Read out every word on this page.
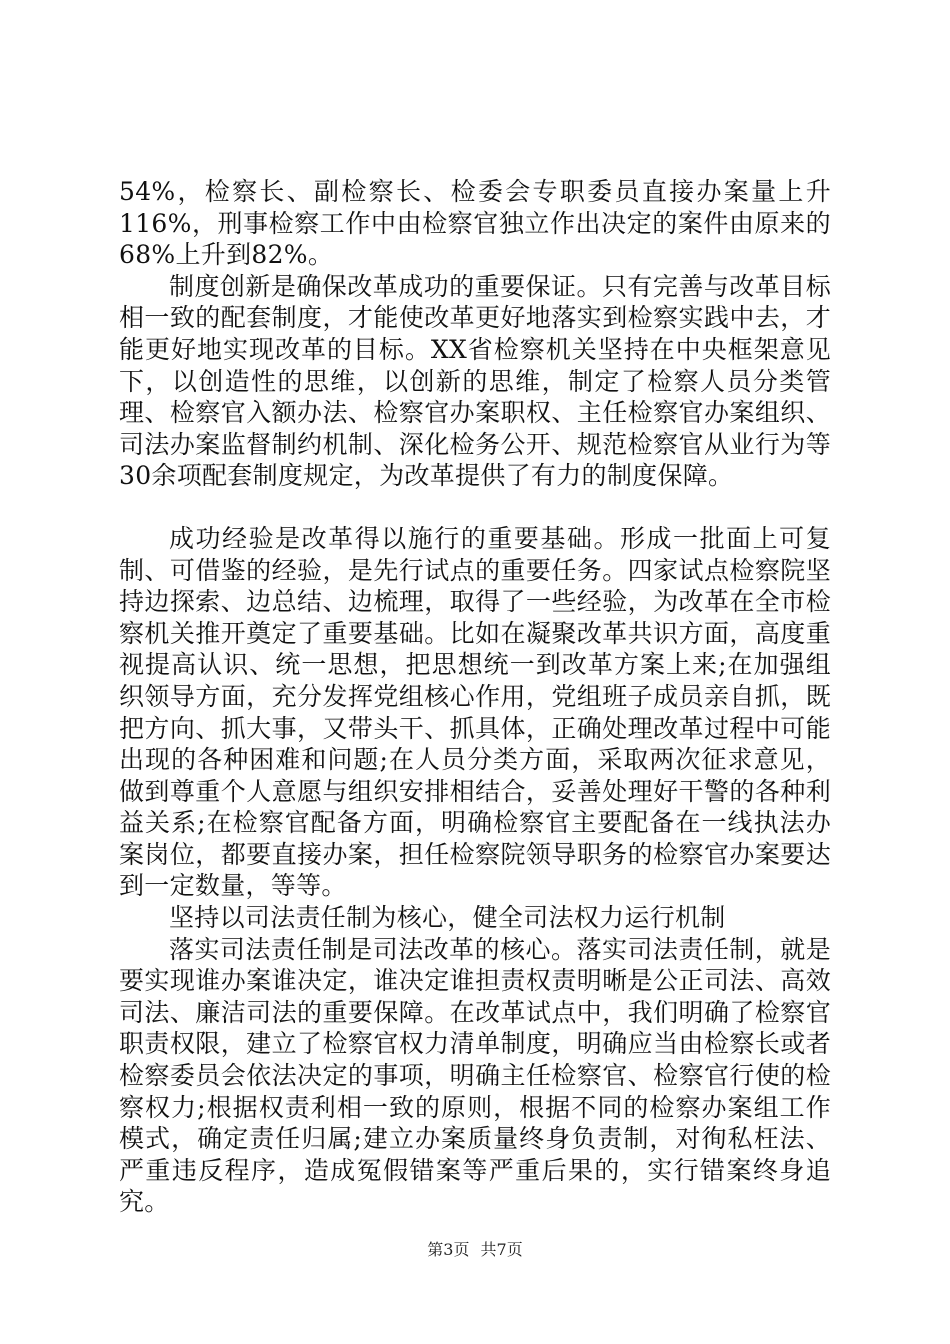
54%，检察长、副检察长、检委会专职委员直接办案量上升116%，刑事检察工作中由检察官独立作出决定的案件由原来的68%上升到82%。

制度创新是确保改革成功的重要保证。只有完善与改革目标相一致的配套制度，才能使改革更好地落实到检察实践中去，才能更好地实现改革的目标。XX省检察机关坚持在中央框架意见下，以创造性的思维，以创新的思维，制定了检察人员分类管理、检察官入额办法、检察官办案职权、主任检察官办案组织、司法办案监督制约机制、深化检务公开、规范检察官从业行为等30余项配套制度规定，为改革提供了有力的制度保障。

成功经验是改革得以施行的重要基础。形成一批面上可复制、可借鉴的经验，是先行试点的重要任务。四家试点检察院坚持边探索、边总结、边梳理，取得了一些经验，为改革在全市检察机关推开奠定了重要基础。比如在凝聚改革共识方面，高度重视提高认识、统一思想，把思想统一到改革方案上来;在加强组织领导方面，充分发挥党组核心作用，党组班子成员亲自抓，既把方向、抓大事，又带头干、抓具体，正确处理改革过程中可能出现的各种困难和问题;在人员分类方面，采取两次征求意见，做到尊重个人意愿与组织安排相结合，妥善处理好干警的各种利益关系;在检察官配备方面，明确检察官主要配备在一线执法办案岗位，都要直接办案，担任检察院领导职务的检察官办案要达到一定数量，等等。

坚持以司法责任制为核心，健全司法权力运行机制

落实司法责任制是司法改革的核心。落实司法责任制，就是要实现谁办案谁决定，谁决定谁担责权责明晰是公正司法、高效司法、廉洁司法的重要保障。在改革试点中，我们明确了检察官职责权限，建立了检察官权力清单制度，明确应当由检察长或者检察委员会依法决定的事项，明确主任检察官、检察官行使的检察权力;根据权责利相一致的原则，根据不同的检察办案组工作模式，确定责任归属;建立办案质量终身负责制，对徇私枉法、严重违反程序，造成冤假错案等严重后果的，实行错案终身追究。

第3页 共7页
